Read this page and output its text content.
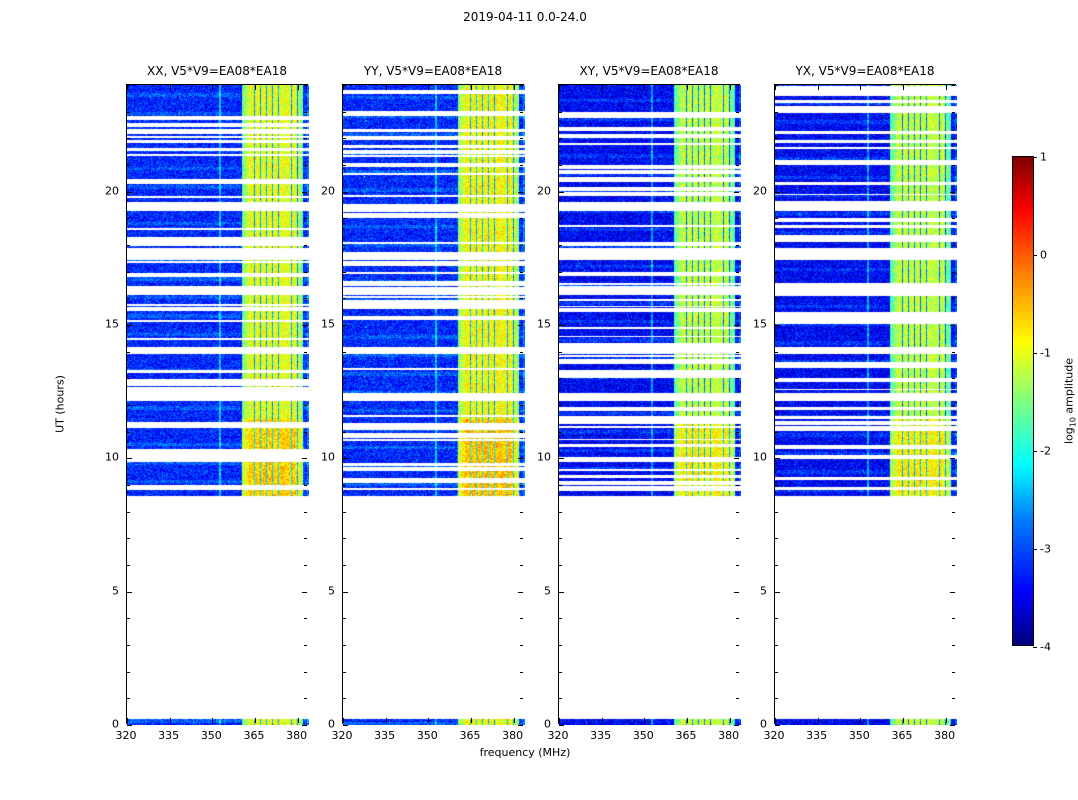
2019-04-11 0.0-24.0
XX, V5*V9=EA08*EA18
0
5
10
15
20
320 335 350 365 380
YY, V5*V9=EA08*EA18
0
5
10
15
20
320 335 350 365 380
XY, V5*V9=EA08*EA18
0
5
10
15
20
320 335 350 365 380
YX, V5*V9=EA08*EA18
0
5
10
15
20
320 335 350 365 380
UT (hours)
frequency (MHz)
-4
-3
-2
-1
0
1
$\log_{10}$ amplitude
